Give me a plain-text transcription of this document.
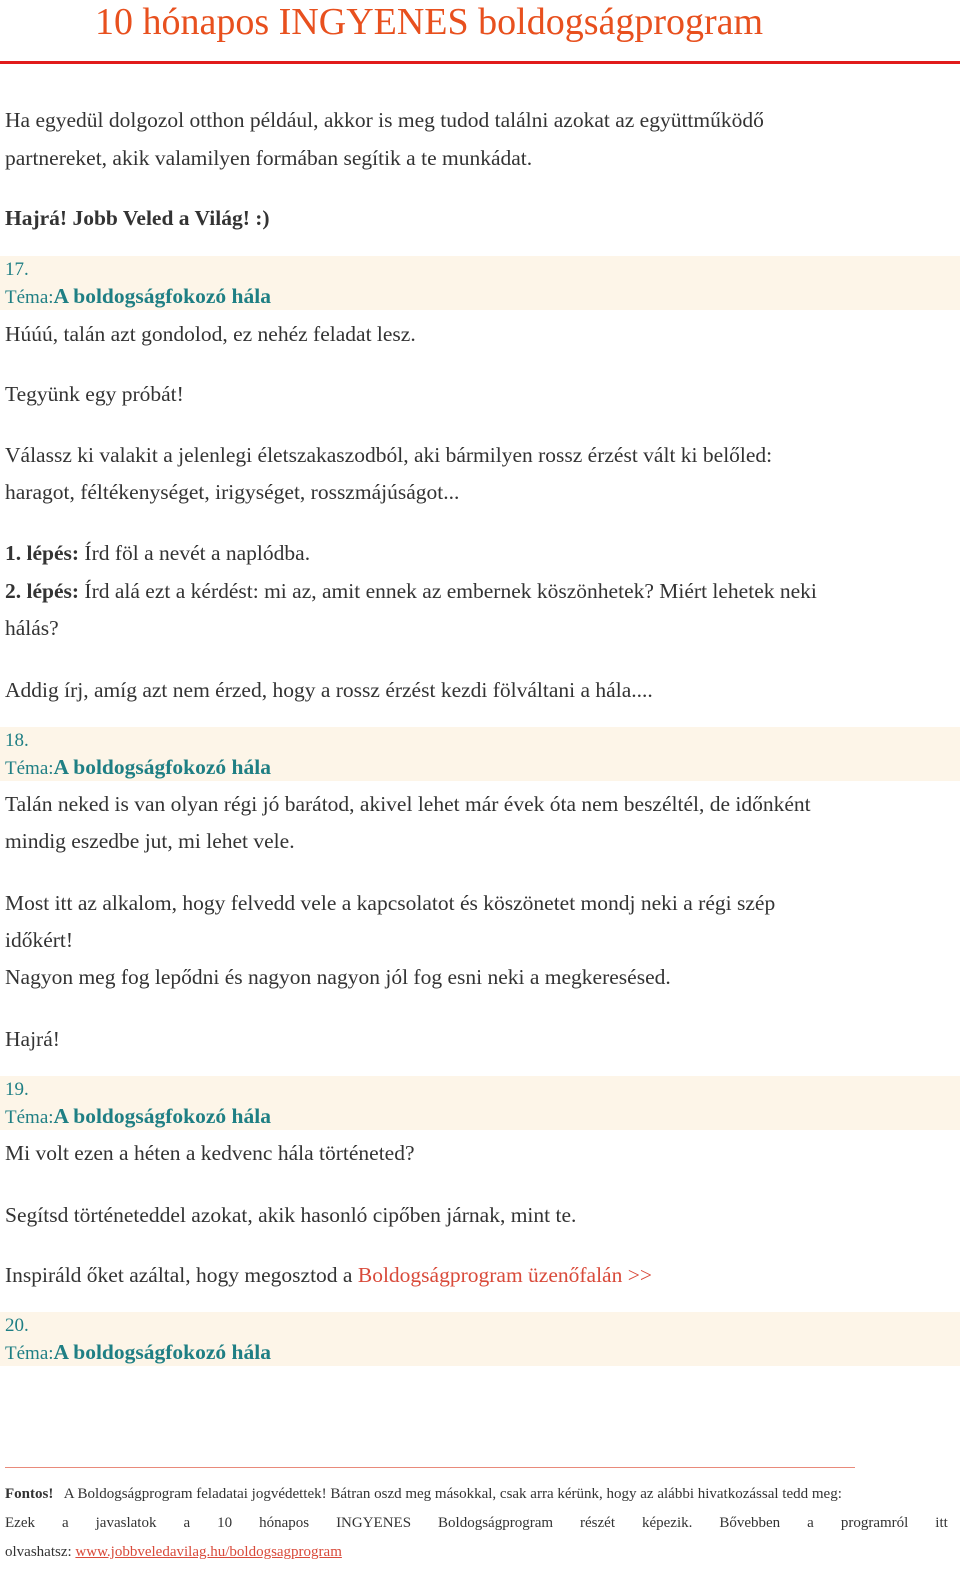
10 hónapos INGYENES boldogságprogram

Ha egyedül dolgozol otthon például, akkor is meg tudod találni azokat az együttműködő

partnereket, akik valamilyen formában segítik a te munkádat.

Hajrá! Jobb Veled a Világ! :)

17.
Téma:A boldogságfokozó hála

Húúú, talán azt gondolod, ez nehéz feladat lesz.

Tegyünk egy próbát!

Válassz ki valakit a jelenlegi életszakaszodból, aki bármilyen rossz érzést vált ki belőled:

haragot, féltékenységet, irigységet, rosszmájúságot...

1. lépés: Írd föl a nevét a naplódba.

2. lépés: Írd alá ezt a kérdést: mi az, amit ennek az embernek köszönhetek? Miért lehetek neki

hálás?

Addig írj, amíg azt nem érzed, hogy a rossz érzést kezdi fölváltani a hála....

18.
Téma:A boldogságfokozó hála

Talán neked is van olyan régi jó barátod, akivel lehet már évek óta nem beszéltél, de időnként

mindig eszedbe jut, mi lehet vele.

Most itt az alkalom, hogy felvedd vele a kapcsolatot és köszönetet mondj neki a régi szép

időkért!

Nagyon meg fog lepődni és nagyon nagyon jól fog esni neki a megkeresésed.

Hajrá!

19.
Téma:A boldogságfokozó hála

Mi volt ezen a héten a kedvenc hála történeted?

Segítsd történeteddel azokat, akik hasonló cipőben járnak, mint te.

Inspiráld őket azáltal, hogy megosztod a Boldogságprogram üzenőfalán >>

20.
Téma:A boldogságfokozó hála

Fontos! A Boldogságprogram feladatai jogvédettek! Bátran oszd meg másokkal, csak arra kérünk, hogy az alábbi hivatkozással tedd meg:

Ezek a javaslatok a 10 hónapos INGYENES Boldogságprogram részét képezik. Bővebben a programról itt

olvashatsz: www.jobbveledavilag.hu/boldogsagprogram
